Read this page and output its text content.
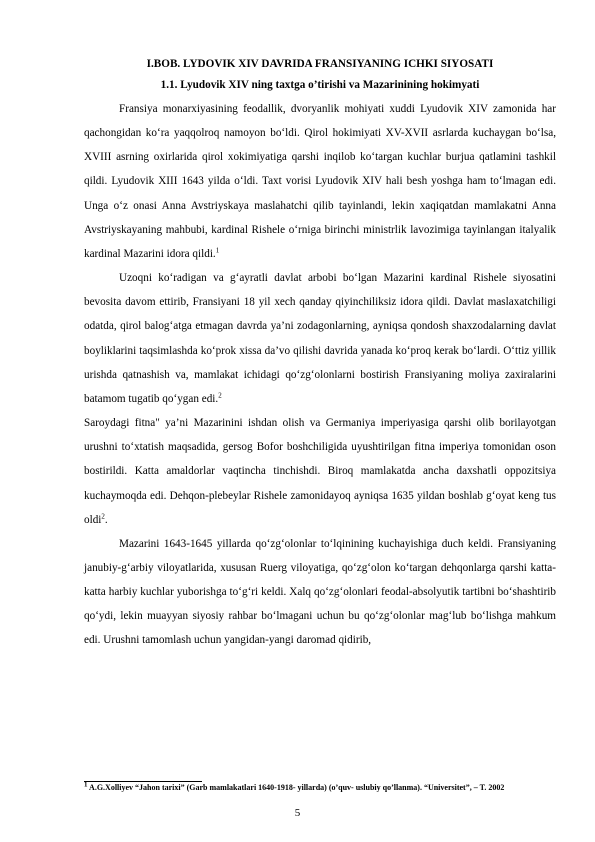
I.BOB. LYDOVIK XIV DAVRIDA FRANSIYANING ICHKI SIYOSATI
1.1. Lyudovik XIV ning taxtga o’tirishi va Mazarinining hokimyati

Fransiya monarxiyasining feodallik, dvoryanlik mohiyati xuddi Lyudovik XIV zamonida har qachongidan ko‘ra yaqqolroq namoyon bo‘ldi. Qirol hokimiyati XV-XVII asrlarda kuchaygan bo‘lsa, XVIII asrning oxirlarida qirol xokimiyatiga qarshi inqilob ko‘targan kuchlar burjua qatlamini tashkil qildi. Lyudovik XIII 1643 yilda o‘ldi. Taxt vorisi Lyudovik XIV hali besh yoshga ham to‘lmagan edi. Unga o‘z onasi Anna Avstriyskaya maslahatchi qilib tayinlandi, lekin xaqiqatdan mamlakatni Anna Avstriyskayaning mahbubi, kardinal Rishele o‘rniga birinchi ministrlik lavozimiga tayinlangan italyalik kardinal Mazarini idora qildi.$^1$

Uzoqni ko‘radigan va g‘ayratli davlat arbobi bo‘lgan Mazarini kardinal Rishele siyosatini bevosita davom ettirib, Fransiyani 18 yil xech qanday qiyinchiliksiz idora qildi. Davlat maslaxatchiligi odatda, qirol balog‘atga etmagan davrda ya’ni zodagonlarning, ayniqsa qondosh shaxzodalarning davlat boyliklarini taqsimlashda ko‘prok xissa da’vo qilishi davrida yanada ko‘proq kerak bo‘lardi. O‘ttiz yillik urishda qatnashish va, mamlakat ichidagi qo‘zg‘olonlarni bostirish Fransiyaning moliya zaxiralarini batamom tugatib qo‘ygan edi.$^2$

Saroydagi fitna" ya’ni Mazarinini ishdan olish va Germaniya imperiyasiga qarshi olib borilayotgan urushni to‘xtatish maqsadida, gersog Bofor boshchiligida uyushtirilgan fitna imperiya tomonidan oson bostirildi. Katta amaldorlar vaqtincha tinchishdi. Biroq mamlakatda ancha daxshatli oppozitsiya kuchaymoqda edi. Dehqon-plebeylar Rishele zamonidayoq ayniqsa 1635 yildan boshlab g‘oyat keng tus oldi$^2$.

Mazarini 1643-1645 yillarda qo‘zg‘olonlar to‘lqinining kuchayishiga duch keldi. Fransiyaning janubiy-g‘arbiy viloyatlarida, xususan Ruerg viloyatiga, qo‘zg‘olon ko‘targan dehqonlarga qarshi katta-katta harbiy kuchlar yuborishga to‘g‘ri keldi. Xalq qo‘zg‘olonlari feodal-absolyutik tartibni bo‘shashtirib qo‘ydi, lekin muayyan siyosiy rahbar bo‘lmagani uchun bu qo‘zg‘olonlar mag‘lub bo‘lishga mahkum edi. Urushni tamomlash uchun yangidan-yangi daromad qidirib,

$^1$ A.G.Xolliyev “Jahon tarixi” (Garb mamlakatlari 1640-1918- yillarda) (o’quv- uslubiy qo’llanma). “Universitet”, – T. 2002

5
